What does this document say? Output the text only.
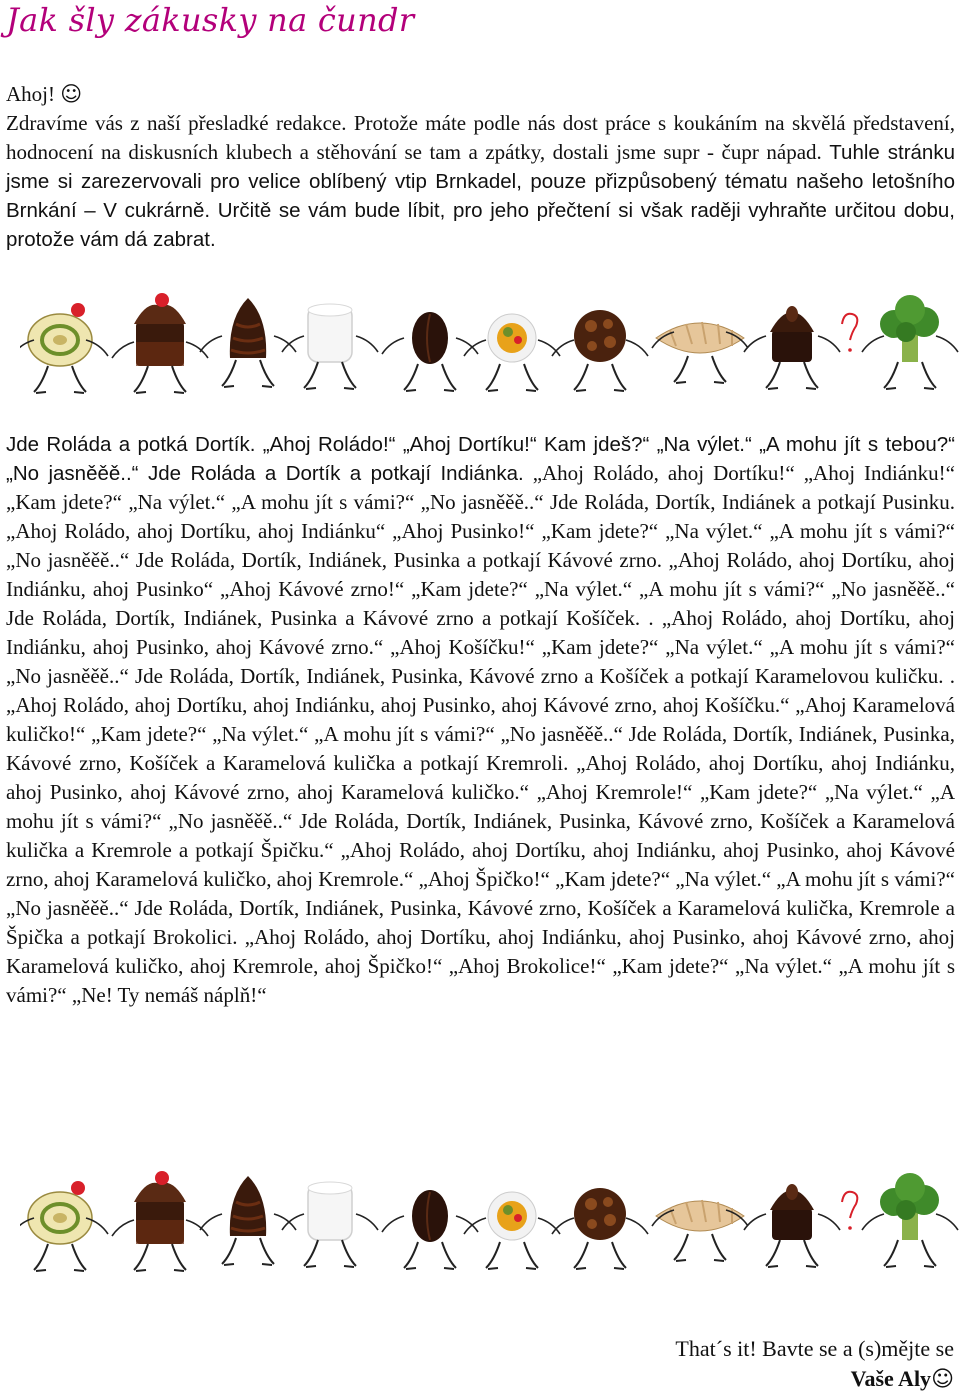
Jak šly zákusky na čundr

Ahoj! ☺

Zdravíme vás z naší přesladké redakce. Protože máte podle nás dost práce s koukáním na skvělá představení, hodnocení na diskusních klubech a stěhování se tam a zpátky, dostali jsme supr - čupr nápad. Tuhle stránku jsme si zarezervovali pro velice oblíbený vtip Brnkadel, pouze přizpůsobený tématu našeho letošního Brnkání – V cukrárně. Určitě se vám bude líbit, pro jeho přečtení si však raději vyhraňte určitou dobu, protože vám dá zabrat.

Jde Roláda a potká Dortík. „Ahoj Roládo!“ „Ahoj Dortíku!“ Kam jdeš?“ „Na výlet.“ „A mohu jít s tebou?“ „No jasněěě..“ Jde Roláda a Dortík a potkají Indiánka. „Ahoj Roládo, ahoj Dortíku!“ „Ahoj Indiánku!“ „Kam jdete?“ „Na výlet.“ „A mohu jít s vámi?“ „No jasněěě..“ Jde Roláda, Dortík, Indiánek a potkají Pusinku. „Ahoj Roládo, ahoj Dortíku, ahoj Indiánku“ „Ahoj Pusinko!“ „Kam jdete?“ „Na výlet.“ „A mohu jít s vámi?“ „No jasněěě..“ Jde Roláda, Dortík, Indiánek, Pusinka a potkají Kávové zrno. „Ahoj Roládo, ahoj Dortíku, ahoj Indiánku, ahoj Pusinko“ „Ahoj Kávové zrno!“ „Kam jdete?“ „Na výlet.“ „A mohu jít s vámi?“ „No jasněěě..“ Jde Roláda, Dortík, Indiánek, Pusinka a Kávové zrno a potkají Košíček. . „Ahoj Roládo, ahoj Dortíku, ahoj Indiánku, ahoj Pusinko, ahoj Kávové zrno.“ „Ahoj Košíčku!“ „Kam jdete?“ „Na výlet.“ „A mohu jít s vámi?“ „No jasněěě..“ Jde Roláda, Dortík, Indiánek, Pusinka, Kávové zrno a Košíček a potkají Karamelovou kuličku. . „Ahoj Roládo, ahoj Dortíku, ahoj Indiánku, ahoj Pusinko, ahoj Kávové zrno, ahoj Košíčku.“ „Ahoj Karamelová kuličko!“ „Kam jdete?“ „Na výlet.“ „A mohu jít s vámi?“ „No jasněěě..“ Jde Roláda, Dortík, Indiánek, Pusinka, Kávové zrno, Košíček a Karamelová kulička a potkají Kremroli. „Ahoj Roládo, ahoj Dortíku, ahoj Indiánku, ahoj Pusinko, ahoj Kávové zrno, ahoj Karamelová kuličko.“ „Ahoj Kremrole!“ „Kam jdete?“ „Na výlet.“ „A mohu jít s vámi?“ „No jasněěě..“ Jde Roláda, Dortík, Indiánek, Pusinka, Kávové zrno, Košíček a Karamelová kulička a Kremrole a potkají Špičku.“ „Ahoj Roládo, ahoj Dortíku, ahoj Indiánku, ahoj Pusinko, ahoj Kávové zrno, ahoj Karamelová kuličko, ahoj Kremrole.“ „Ahoj Špičko!“ „Kam jdete?“ „Na výlet.“ „A mohu jít s vámi?“ „No jasněěě..“ Jde Roláda, Dortík, Indiánek, Pusinka, Kávové zrno, Košíček a Karamelová kulička, Kremrole a Špička a potkají Brokolici. „Ahoj Roládo, ahoj Dortíku, ahoj Indiánku, ahoj Pusinko, ahoj Kávové zrno, ahoj Karamelová kuličko, ahoj Kremrole, ahoj Špičko!“ „Ahoj Brokolice!“ „Kam jdete?“ „Na výlet.“ „A mohu jít s vámi?“ „Ne! Ty nemáš náplň!“

That´s it! Bavte se a (s)mějte se

Vaše Aly☺
